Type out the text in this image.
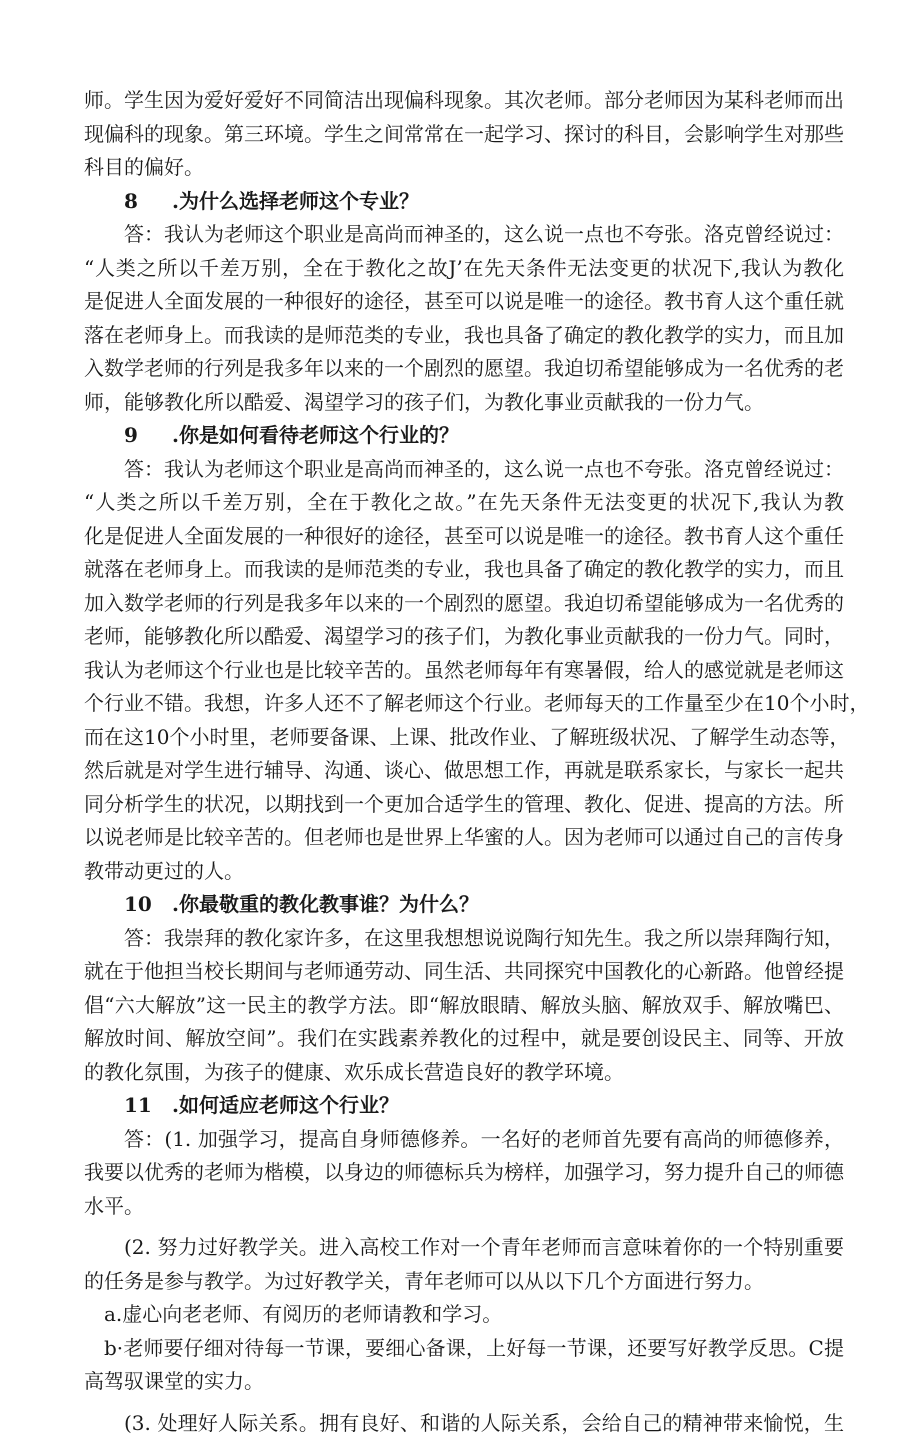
师。学生因为爱好爱好不同简洁出现偏科现象。其次老师。部分老师因为某科老师而出
现偏科的现象。第三环境。学生之间常常在一起学习、探讨的科目，会影响学生对那些
科目的偏好。
8 .为什么选择老师这个专业？
答：我认为老师这个职业是高尚而神圣的，这么说一点也不夸张。洛克曾经说过：
“人类之所以千差万别，全在于教化之故J’在先天条件无法变更的状况下,我认为教化
是促进人全面发展的一种很好的途径，甚至可以说是唯一的途径。教书育人这个重任就
落在老师身上。而我读的是师范类的专业，我也具备了确定的教化教学的实力，而且加
入数学老师的行列是我多年以来的一个剧烈的愿望。我迫切希望能够成为一名优秀的老
师，能够教化所以酷爱、渴望学习的孩子们，为教化事业贡献我的一份力气。
9 .你是如何看待老师这个行业的？
答：我认为老师这个职业是高尚而神圣的，这么说一点也不夸张。洛克曾经说过：
“人类之所以千差万别，全在于教化之故。”在先天条件无法变更的状况下,我认为教
化是促进人全面发展的一种很好的途径，甚至可以说是唯一的途径。教书育人这个重任
就落在老师身上。而我读的是师范类的专业，我也具备了确定的教化教学的实力，而且
加入数学老师的行列是我多年以来的一个剧烈的愿望。我迫切希望能够成为一名优秀的
老师，能够教化所以酷爱、渴望学习的孩子们，为教化事业贡献我的一份力气。同时，
我认为老师这个行业也是比较辛苦的。虽然老师每年有寒暑假，给人的感觉就是老师这
个行业不错。我想，许多人还不了解老师这个行业。老师每天的工作量至少在10个小时，
而在这10个小时里，老师要备课、上课、批改作业、了解班级状况、了解学生动态等，
然后就是对学生进行辅导、沟通、谈心、做思想工作，再就是联系家长，与家长一起共
同分析学生的状况，以期找到一个更加合适学生的管理、教化、促进、提高的方法。所
以说老师是比较辛苦的。但老师也是世界上华蜜的人。因为老师可以通过自己的言传身
教带动更过的人。
10 .你最敬重的教化教事谁？为什么？
答：我崇拜的教化家许多，在这里我想想说说陶行知先生。我之所以崇拜陶行知，
就在于他担当校长期间与老师通劳动、同生活、共同探究中国教化的心新路。他曾经提
倡“六大解放”这一民主的教学方法。即“解放眼睛、解放头脑、解放双手、解放嘴巴、
解放时间、解放空间”。我们在实践素养教化的过程中，就是要创设民主、同等、开放
的教化氛围，为孩子的健康、欢乐成长营造良好的教学环境。
11 .如何适应老师这个行业？
答：(1. 加强学习，提高自身师德修养。一名好的老师首先要有高尚的师德修养，
我要以优秀的老师为楷模，以身边的师德标兵为榜样，加强学习，努力提升自己的师德
水平。
(2. 努力过好教学关。进入高校工作对一个青年老师而言意味着你的一个特别重要
的任务是参与教学。为过好教学关，青年老师可以从以下几个方面进行努力。
a.虚心向老老师、有阅历的老师请教和学习。
b·老师要仔细对待每一节课，要细心备课，上好每一节课，还要写好教学反思。C提
高驾驭课堂的实力。
(3. 处理好人际关系。拥有良好、和谐的人际关系，会给自己的精神带来愉悦，生
